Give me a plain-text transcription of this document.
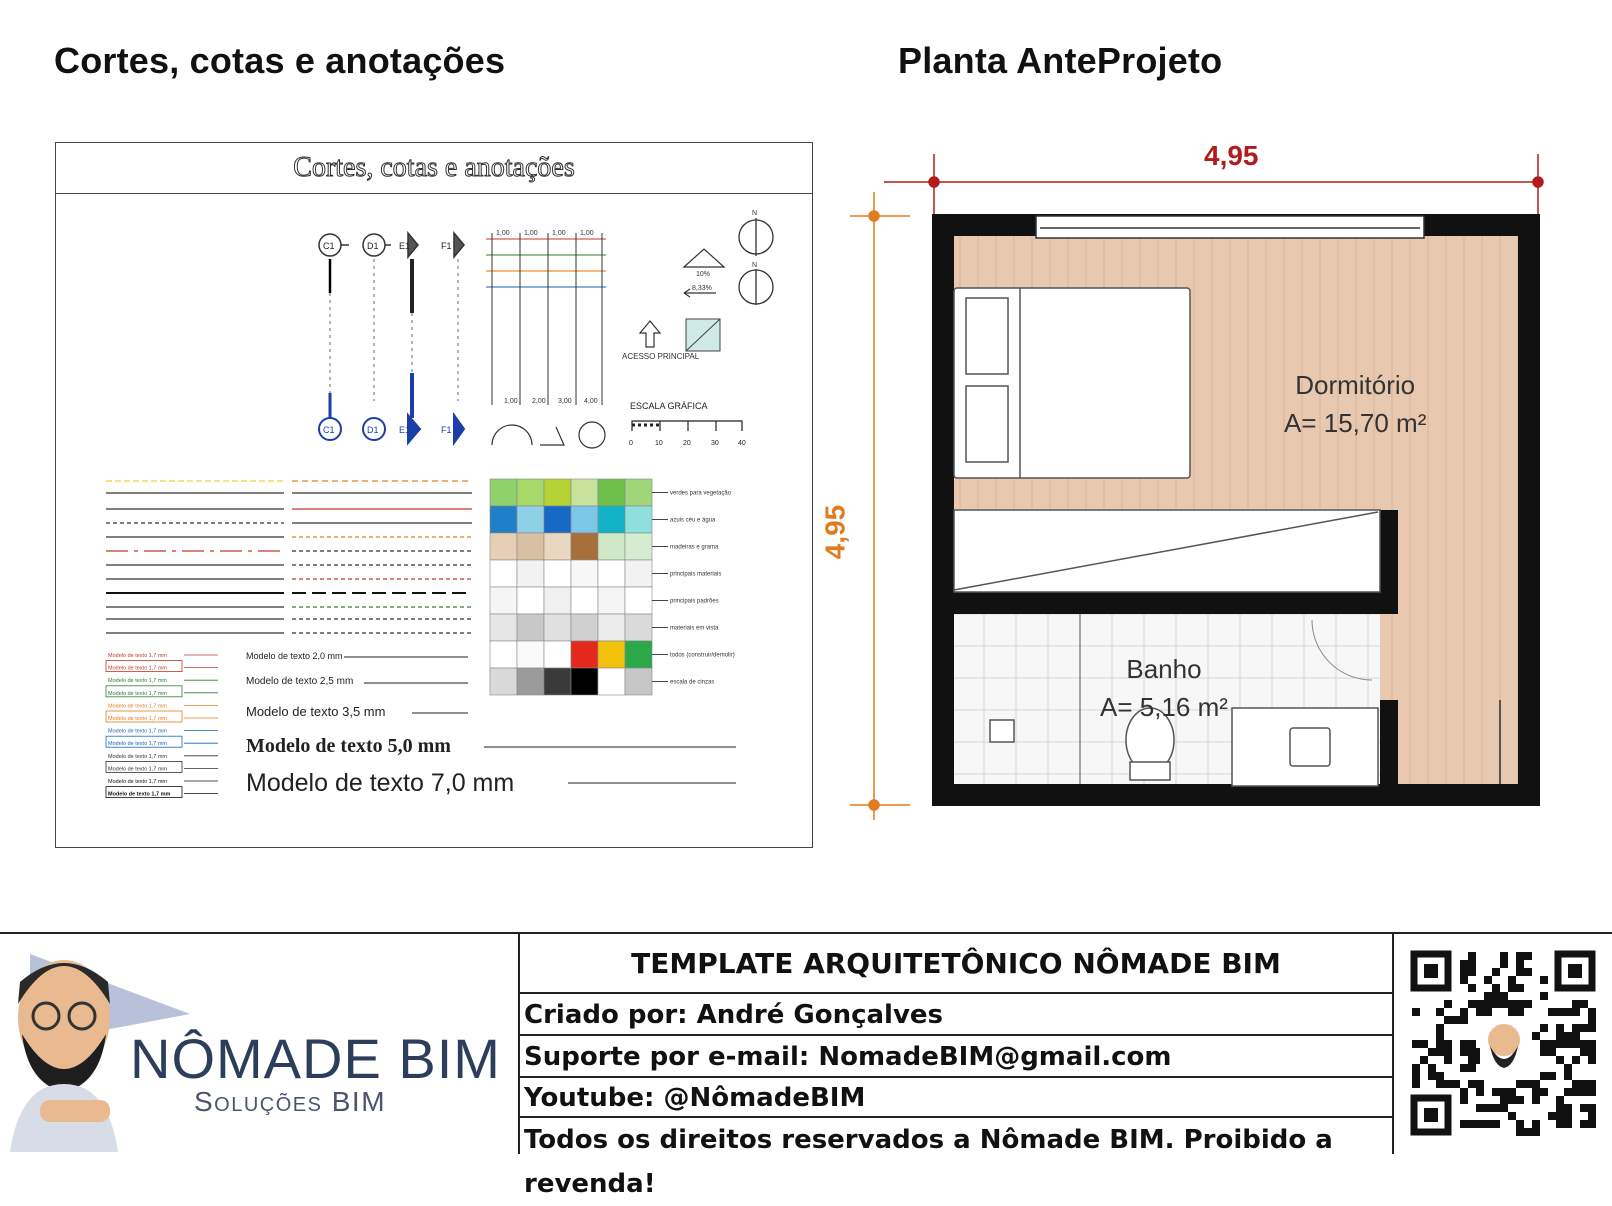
Cortes, cotas e anotações	Planta AnteProjeto
Cortes, cotas e anotações
C1	D1 E1	F1
C1	D1 E1	F1
1,00 1,00 1,00 1,00
1,00 2,00 3,00 4,00
N
N
10%
8,33%
ACESSO PRINCIPAL
ESCALA GRÁFICA
0	10	20	30	40
verdes para vegetação
azuis céu e água
madeiras e grama
principais materiais
principais padrões
materiais em vista
todos (construir/demolir)
escala de cinzas
Modelo de texto 1,7 mm
Modelo de texto 1,7 mm
Modelo de texto 1,7 mm
Modelo de texto 1,7 mm
Modelo de texto 1,7 mm
Modelo de texto 1,7 mm
Modelo de texto 1,7 mm
Modelo de texto 1,7 mm
Modelo de texto 1,7 mm
Modelo de texto 1,7 mm
Modelo de texto 1,7 mm
Modelo de texto 1,7 mm
Modelo de texto 2,0 mm
Modelo de texto 2,5 mm
Modelo de texto 3,5 mm
Modelo de texto 5,0 mm
Modelo de texto 7,0 mm
4,95
4,95
Dormitório
A= 15,70 m²
Banho
A= 5,16 m²
NÔMADE BIM
Soluções BIM
TEMPLATE ARQUITETÔNICO NÔMADE BIM
Criado por: André Gonçalves
Suporte por e-mail: NomadeBIM@gmail.com
Youtube: @NômadeBIM
Todos os direitos reservados a Nômade BIM. Proibido a revenda!
